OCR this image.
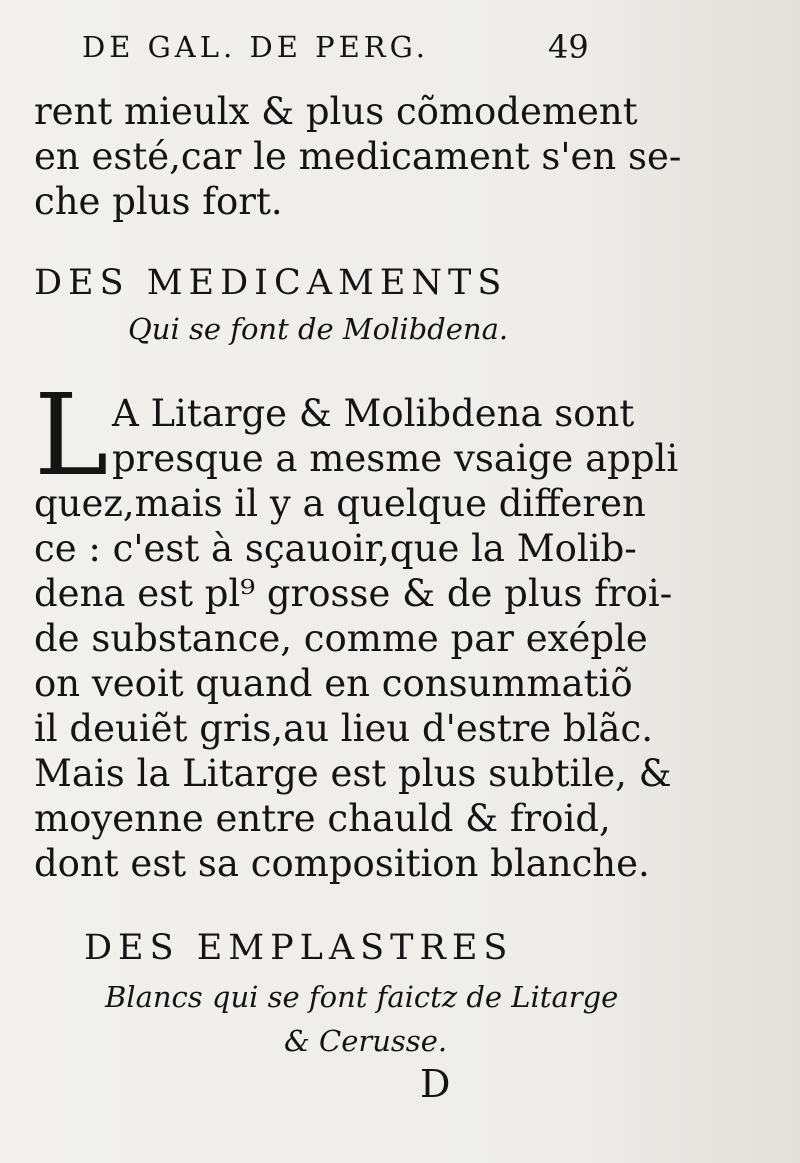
DE GAL. DE PERG.	49
rent mieulx & plus cõmodement
en esté,car le medicament s'en se-
che plus fort.
DES MEDICAMENTS
Qui se font de Molibdena.
L A Litarge & Molibdena sont
presque a mesme vsaige appli
quez,mais il y a quelque differen
ce : c'est à sçauoir,que la Molib-
dena est pl⁹ grosse & de plus froi-
de substance, comme par exéple
on veoit quand en consummatiõ
il deuiẽt gris,au lieu d'estre blãc.
Mais la Litarge est plus subtile, &
moyenne entre chauld & froid,
dont est sa composition blanche.
DES EMPLASTRES
Blancs qui se font faictz de Litarge
& Cerusse.
D
